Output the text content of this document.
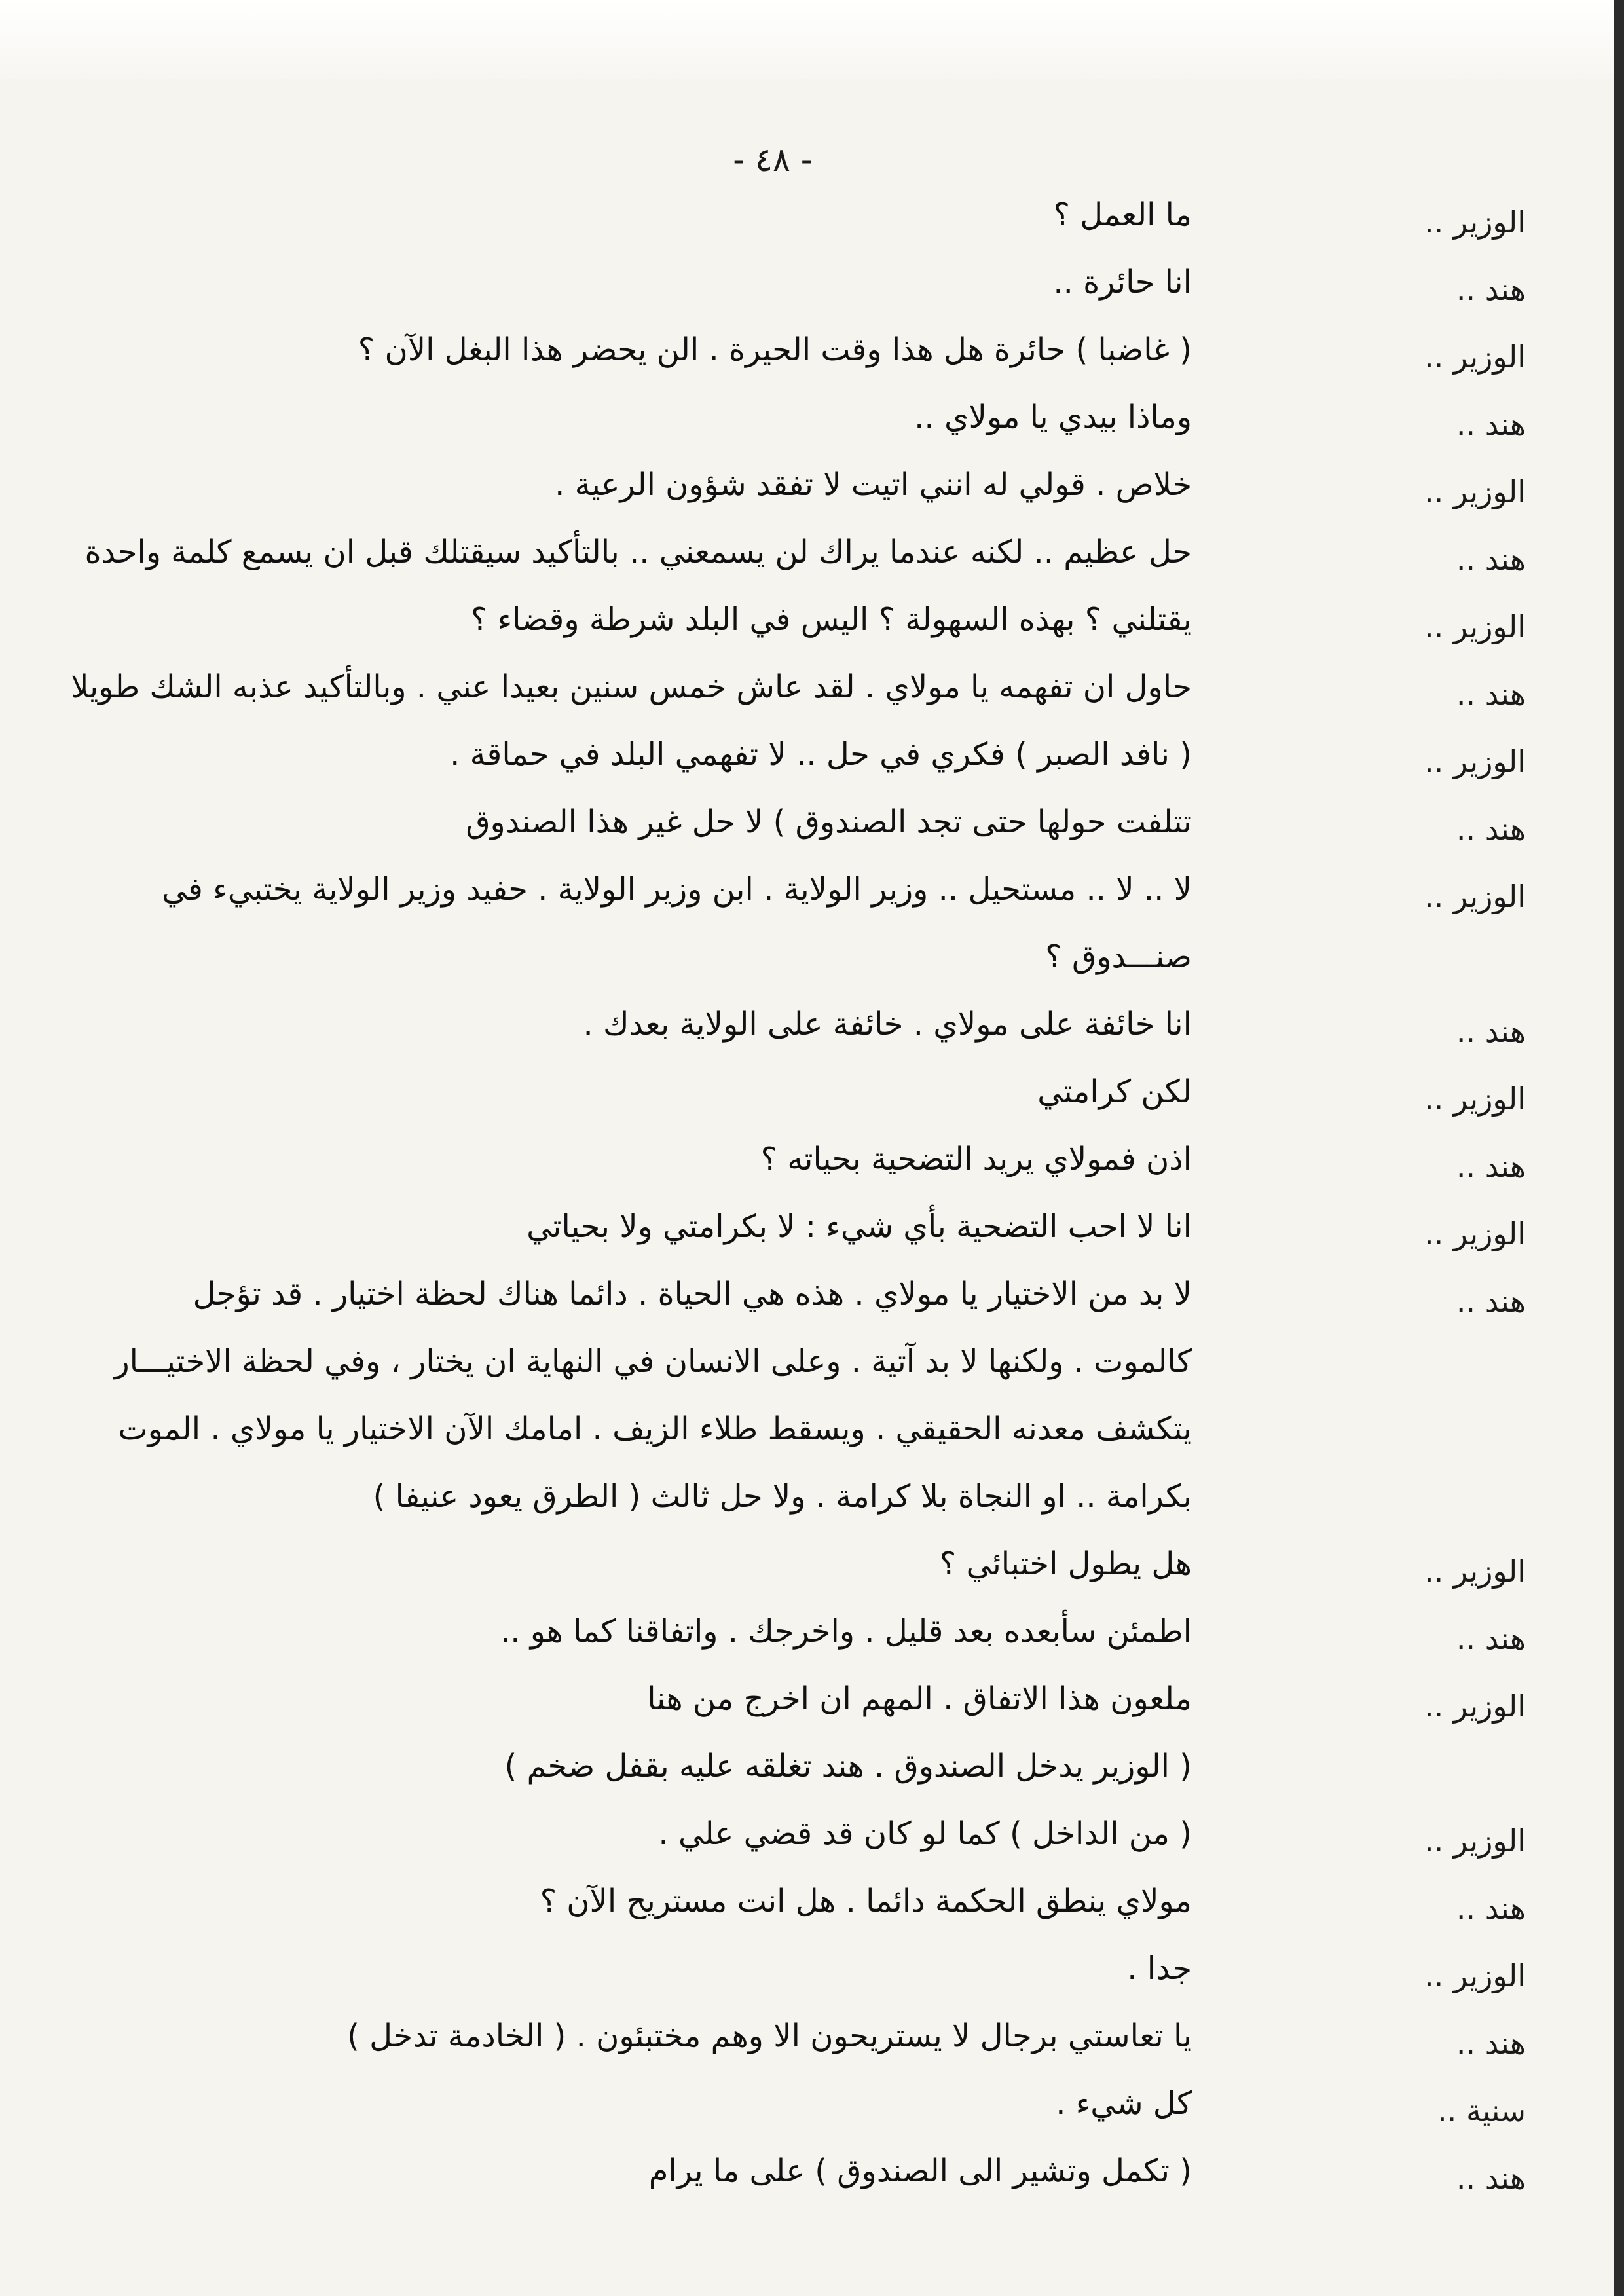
- ٤٨ -
الوزير ..
ما العمل ؟
هند ..
انا حائرة ..
الوزير ..
( غاضبا ) حائرة هل هذا وقت الحيرة . الن يحضر هذا البغل الآن ؟
هند ..
وماذا بيدي يا مولاي ..
الوزير ..
خلاص . قولي له انني اتيت لا تفقد شؤون الرعية .
هند ..
حل عظيم .. لكنه عندما يراك لن يسمعني .. بالتأكيد سيقتلك قبل ان يسمع كلمة واحدة
الوزير ..
يقتلني ؟ بهذه السهولة ؟ اليس في البلد شرطة وقضاء ؟
هند ..
حاول ان تفهمه يا مولاي . لقد عاش خمس سنين بعيدا عني . وبالتأكيد عذبه الشك طويلا
الوزير ..
( نافد الصبر ) فكري في حل .. لا تفهمي البلد في حماقة .
هند ..
تتلفت حولها حتى تجد الصندوق ) لا حل غير هذا الصندوق
الوزير ..
لا .. لا .. مستحيل .. وزير الولاية . ابن وزير الولاية . حفيد وزير الولاية يختبيء في
صنـــدوق ؟
هند ..
انا خائفة على مولاي . خائفة على الولاية بعدك .
الوزير ..
لكن كرامتي
هند ..
اذن فمولاي يريد التضحية بحياته ؟
الوزير ..
انا لا احب التضحية بأي شيء : لا بكرامتي ولا بحياتي
هند ..
لا بد من الاختيار يا مولاي . هذه هي الحياة . دائما هناك لحظة اختيار . قد تؤجل
كالموت . ولكنها لا بد آتية . وعلى الانسان في النهاية ان يختار ، وفي لحظة الاختيـــار
يتكشف معدنه الحقيقي . ويسقط طلاء الزيف . امامك الآن الاختيار يا مولاي . الموت
بكرامة .. او النجاة بلا كرامة . ولا حل ثالث ( الطرق يعود عنيفا )
الوزير ..
هل يطول اختبائي ؟
هند ..
اطمئن سأبعده بعد قليل . واخرجك . واتفاقنا كما هو ..
الوزير ..
ملعون هذا الاتفاق . المهم ان اخرج من هنا
( الوزير يدخل الصندوق . هند تغلقه عليه بقفل ضخم )
الوزير ..
( من الداخل ) كما لو كان قد قضي علي .
هند ..
مولاي ينطق الحكمة دائما . هل انت مستريح الآن ؟
الوزير ..
جدا .
هند ..
يا تعاستي برجال لا يستريحون الا وهم مختبئون . ( الخادمة تدخل )
سنية ..
كل شيء .
هند ..
( تكمل وتشير الى الصندوق ) على ما يرام
